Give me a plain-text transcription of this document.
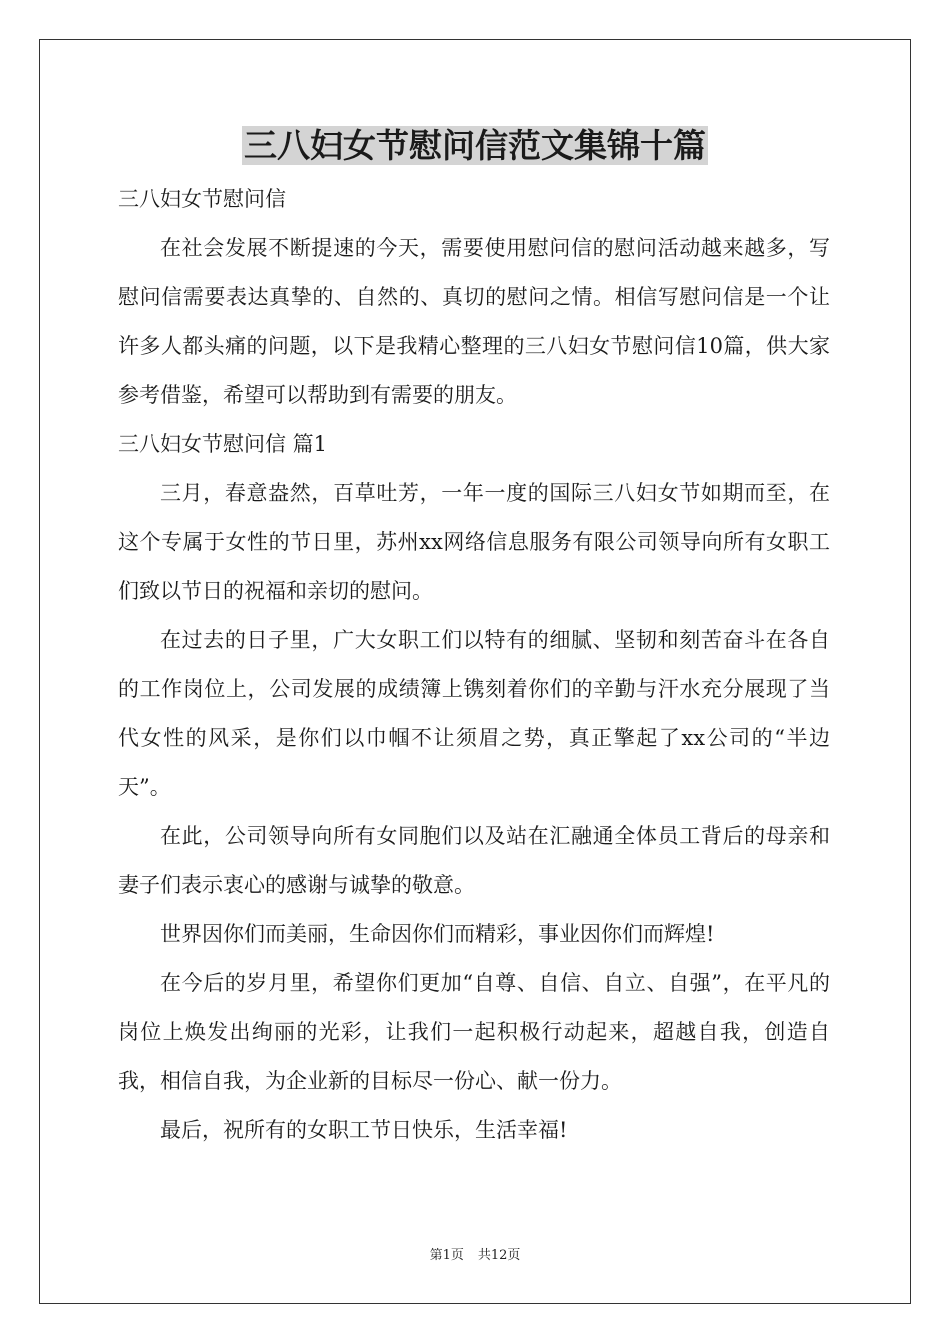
三八妇女节慰问信范文集锦十篇

三八妇女节慰问信

在社会发展不断提速的今天，需要使用慰问信的慰问活动越来越多，写慰问信需要表达真挚的、自然的、真切的慰问之情。相信写慰问信是一个让许多人都头痛的问题，以下是我精心整理的三八妇女节慰问信10篇，供大家参考借鉴，希望可以帮助到有需要的朋友。

三八妇女节慰问信 篇1

三月，春意盎然，百草吐芳，一年一度的国际三八妇女节如期而至，在这个专属于女性的节日里，苏州xx网络信息服务有限公司领导向所有女职工们致以节日的祝福和亲切的慰问。

在过去的日子里，广大女职工们以特有的细腻、坚韧和刻苦奋斗在各自的工作岗位上，公司发展的成绩簿上镌刻着你们的辛勤与汗水充分展现了当代女性的风采，是你们以巾帼不让须眉之势，真正擎起了xx公司的“半边天”。

在此，公司领导向所有女同胞们以及站在汇融通全体员工背后的母亲和妻子们表示衷心的感谢与诚挚的敬意。

世界因你们而美丽，生命因你们而精彩，事业因你们而辉煌!

在今后的岁月里，希望你们更加“自尊、自信、自立、自强”，在平凡的岗位上焕发出绚丽的光彩，让我们一起积极行动起来，超越自我，创造自我，相信自我，为企业新的目标尽一份心、献一份力。

最后，祝所有的女职工节日快乐，生活幸福!

第1页 共12页
